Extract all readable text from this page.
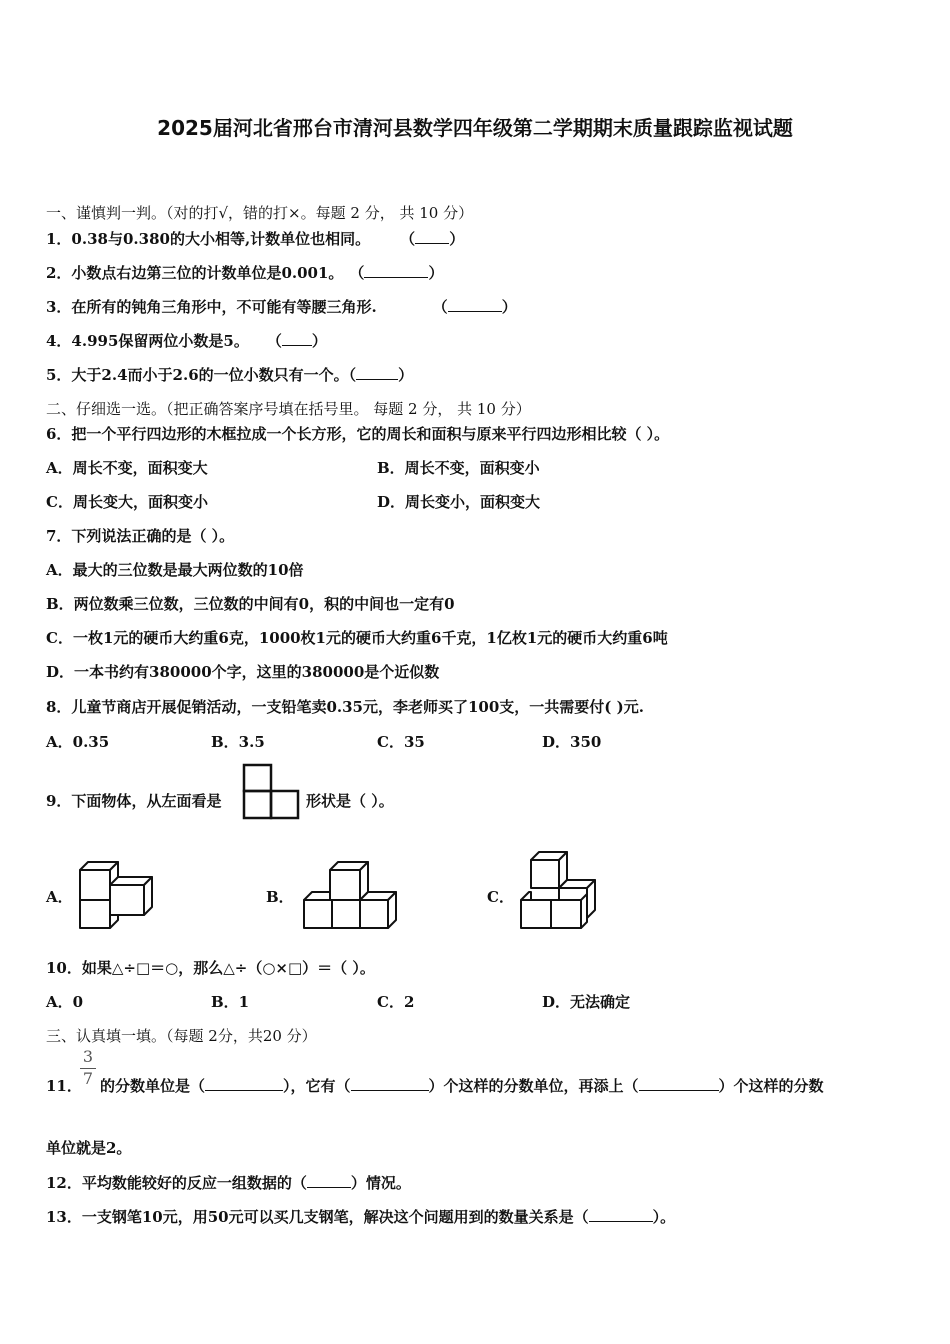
2025届河北省邢台市清河县数学四年级第二学期期末质量跟踪监视试题
一、谨慎判一判。（对的打√，错的打×。每题 2 分， 共 10 分）
1．0.38与0.380的大小相等,计数单位也相同。 （ ）
2．小数点右边第三位的计数单位是0.001。 （	）
3．在所有的钝角三角形中，不可能有等腰三角形.	（	）
4．4.995保留两位小数是5。 （ ）
5．大于2.4而小于2.6的一位小数只有一个。（	）
二、仔细选一选。（把正确答案序号填在括号里。 每题 2 分， 共 10 分）
6．把一个平行四边形的木框拉成一个长方形，它的周长和面积与原来平行四边形相比较（ ）。
A．周长不变，面积变大	B．周长不变，面积变小
C．周长变大，面积变小	D．周长变小，面积变大
7．下列说法正确的是（ ）。
A．最大的三位数是最大两位数的10倍
B．两位数乘三位数，三位数的中间有0，积的中间也一定有0
C．一枚1元的硬币大约重6克，1000枚1元的硬币大约重6千克，1亿枚1元的硬币大约重6吨
D．一本书约有380000个字，这里的380000是个近似数
8．儿童节商店开展促销活动，一支铅笔卖0.35元，李老师买了100支，一共需要付( )元.
A．0.35	B．3.5	C．35	D．350
9．下面物体，从左面看是	形状是（ ）。
A．	B．	C．
10．如果△÷□＝○，那么△÷（○×□）＝（ ）。
A．0	B．1	C．2	D．无法确定
三、认真填一填。（每题 2分，共20 分）
11．
3
7 的分数单位是（	），它有（	）个这样的分数单位，再添上（	）个这样的分数
单位就是2。
12．平均数能较好的反应一组数据的（	）情况。
13．一支钢笔10元，用50元可以买几支钢笔，解决这个问题用到的数量关系是（	）。
